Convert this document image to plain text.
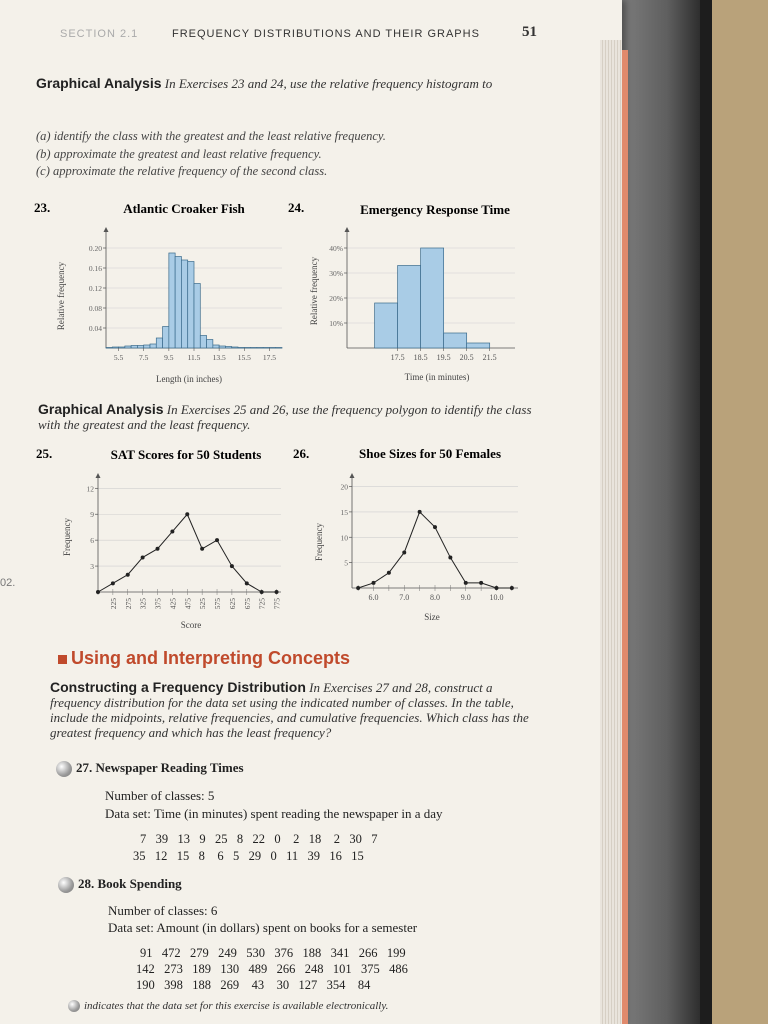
SECTION 2.1	FREQUENCY DISTRIBUTIONS AND THEIR GRAPHS	51
Graphical Analysis In Exercises 23 and 24, use the relative frequency histogram to
(a) identify the class with the greatest and the least relative frequency.
(b) approximate the greatest and least relative frequency.
(c) approximate the relative frequency of the second class.
23.	Atlantic Croaker Fish
0.04
0.08
0.12
0.16
0.20
5.5 7.5 9.5 11.5 13.5 15.5 17.5
Length (in inches)
Relative frequency
24.	Emergency Response Time
10%
20%
30%
40%
17.5 18.5 19.5 20.5 21.5
Time (in minutes)
Relative frequency
Graphical Analysis In Exercises 25 and 26, use the frequency polygon to identify the class with the greatest and the least frequency.
25.	SAT Scores for 50 Students
3
6
9
12
225 275 325 375 425 475 525 575 625 675 725 775
Score
Frequency
26.	Shoe Sizes for 50 Females
5
10
15
20
6.0	7.0	8.0	9.0 10.0
Size
Frequency
02.
Using and Interpreting Concepts
Constructing a Frequency Distribution In Exercises 27 and 28, construct a frequency distribution for the data set using the indicated number of classes. In the table, include the midpoints, relative frequencies, and cumulative frequencies. Which class has the greatest frequency and which has the least frequency?
27. Newspaper Reading Times
Number of classes: 5
Data set: Time (in minutes) spent reading the newspaper in a day
7   39   13   9   25   8   22   0    2   18    2   30   7
35   12   15   8    6   5   29   0   11   39   16   15
28. Book Spending
Number of classes: 6
Data set: Amount (in dollars) spent on books for a semester
91   472   279   249   530   376   188   341   266   199
142   273   189   130   489   266   248   101   375   486
190   398   188   269    43    30   127   354    84
indicates that the data set for this exercise is available electronically.
